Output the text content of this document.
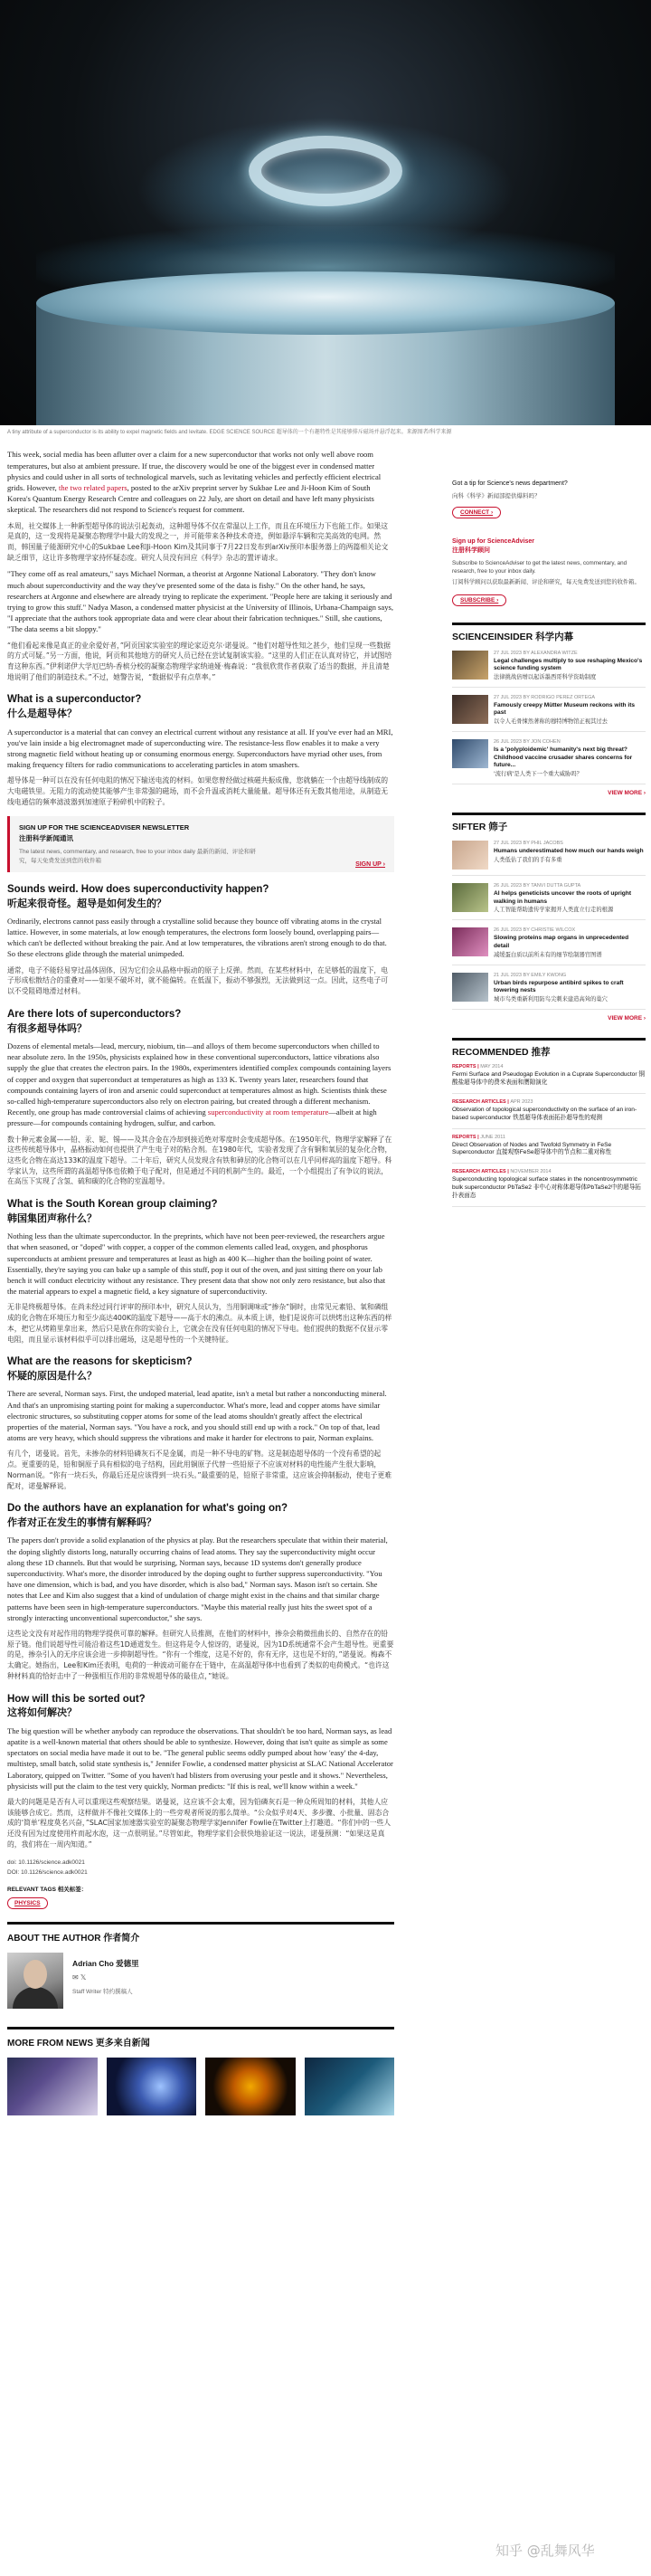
A tiny attribute of a superconductor is its ability to expel magnetic fields and levitate. EDGE SCIENCE SOURCE 超导体的一个有趣特性是其能够排斥磁场并悬浮起来。来源图者/科学来源

This week, social media has been aflutter over a claim for a new superconductor that works not only well above room temperatures, but also at ambient pressure. If true, the discovery would be one of the biggest ever in condensed matter physics and could usher in all sorts of technological marvels, such as levitating vehicles and perfectly efficient electrical grids. However, the two related papers, posted to the arXiv preprint server by Sukbae Lee and Ji-Hoon Kim of South Korea's Quantum Energy Research Centre and colleagues on 22 July, are short on detail and have left many physicists skeptical. The researchers did not respond to Science's request for comment.

本周，社交媒体上一种新型超导体的说法引起轰动，这种超导体不仅在常温以上工作，而且在环境压力下也能工作。如果这是真的，这一发现将是凝聚态物理学中最大的发现之一，并可能带来各种技术奇迹，例如悬浮车辆和完美高效的电网。然而，韩国量子能源研究中心的Sukbae Lee和Ji-Hoon Kim及其同事于7月22日发布到arXiv预印本服务器上的两篇相关论文缺乏细节，这让许多物理学家持怀疑态度。研究人员没有回应《科学》杂志的置评请求。

"They come off as real amateurs," says Michael Norman, a theorist at Argonne National Laboratory. "They don't know much about superconductivity and the way they've presented some of the data is fishy." On the other hand, he says, researchers at Argonne and elsewhere are already trying to replicate the experiment. "People here are taking it seriously and trying to grow this stuff." Nadya Mason, a condensed matter physicist at the University of Illinois, Urbana-Champaign says, "I appreciate that the authors took appropriate data and were clear about their fabrication techniques." Still, she cautions, "The data seems a bit sloppy."

“他们看起来像是真正的业余爱好者，”阿贡国家实验室的理论家迈克尔·诺曼说。“他们对超导性知之甚少，他们呈现一些数据的方式可疑。”另一方面，他说，阿贡和其他地方的研究人员已经在尝试复制该实验。“这里的人们正在认真对待它，并试图培育这种东西。”伊利诺伊大学厄巴纳-香槟分校的凝聚态物理学家纳迪娅·梅森说：“我很欣赏作者获取了适当的数据，并且清楚地说明了他们的制造技术。”不过，她警告说，“数据似乎有点草率。”

What is a superconductor?
什么是超导体？

A superconductor is a material that can convey an electrical current without any resistance at all. If you've ever had an MRI, you've lain inside a big electromagnet made of superconducting wire. The resistance-less flow enables it to make a very strong magnetic field without heating up or consuming enormous energy. Superconductors have myriad other uses, from making frequency filters for radio communications to accelerating particles in atom smashers.

超导体是一种可以在没有任何电阻的情况下输送电流的材料。如果您曾经做过核磁共振成像，您就躺在一个由超导线制成的大电磁铁里。无阻力的流动使其能够产生非常强的磁场，而不会升温或消耗大量能量。超导体还有无数其他用途，从制造无线电通信的频率滤波器到加速原子粉碎机中的粒子。

SIGN UP FOR THE SCIENCEADVISER NEWSLETTER
注册科学新闻通讯
The latest news, commentary, and research, free to your inbox daily 最新的新闻、评论和研究，每天免费发送到您的收件箱
SIGN UP ›
Sounds weird. How does superconductivity happen?
听起来很奇怪。超导是如何发生的？

Ordinarily, electrons cannot pass easily through a crystalline solid because they bounce off vibrating atoms in the crystal lattice. However, in some materials, at low enough temperatures, the electrons form loosely bound, overlapping pairs—which can't be deflected without breaking the pair. And at low temperatures, the vibrations aren't strong enough to do that. So these electrons glide through the material unimpeded.

通常，电子不能轻易穿过晶体固体，因为它们会从晶格中振动的原子上反弹。然而，在某些材料中，在足够低的温度下，电子形成松散结合的重叠对——如果不破坏对，就不能偏转。在低温下，振动不够强烈，无法做到这一点。因此，这些电子可以不受阻碍地滑过材料。

Are there lots of superconductors?
有很多超导体吗？

Dozens of elemental metals—lead, mercury, niobium, tin—and alloys of them become superconductors when chilled to near absolute zero. In the 1950s, physicists explained how in these conventional superconductors, lattice vibrations also supply the glue that creates the electron pairs. In the 1980s, experimenters identified complex compounds containing layers of copper and oxygen that superconduct at temperatures as high as 133 K. Twenty years later, researchers found that compounds containing layers of iron and arsenic could superconduct at temperatures almost as high. Scientists think these so-called high-temperature superconductors also rely on electron pairing, but created through a different mechanism. Recently, one group has made controversial claims of achieving superconductivity at room temperature—albeit at high pressure—for compounds containing hydrogen, sulfur, and carbon.

数十种元素金属——铅、汞、铌、锡——及其合金在冷却到接近绝对零度时会变成超导体。在1950年代，物理学家解释了在这些传统超导体中，晶格振动如何也提供了产生电子对的粘合剂。在1980年代，实验者发现了含有铜和氧层的复杂化合物，这些化合物在高达133K的温度下超导。二十年后，研究人员发现含有铁和砷层的化合物可以在几乎同样高的温度下超导。科学家认为，这些所谓的高温超导体也依赖于电子配对，但是通过不同的机制产生的。最近，一个小组提出了有争议的说法，在高压下实现了含氢、硫和碳的化合物的室温超导。

What is the South Korean group claiming?
韩国集团声称什么？

Nothing less than the ultimate superconductor. In the preprints, which have not been peer-reviewed, the researchers argue that when seasoned, or "doped" with copper, a copper of the common elements called lead, oxygen, and phosphorus superconducts at ambient pressure and temperatures at least as high as 400 K—higher than the boiling point of water. Essentially, they're saying you can bake up a sample of this stuff, pop it out of the oven, and just sitting there on your lab bench it will conduct electricity without any resistance. They present data that show not only zero resistance, but also that the material appears to expel a magnetic field, a key signature of superconductivity.

无非是终极超导体。在尚未经过同行评审的预印本中，研究人员认为，当用铜调味或“掺杂”铜时，由常见元素铅、氧和磷组成的化合物在环境压力和至少高达400K的温度下超导——高于水的沸点。从本质上讲，他们是说你可以烘烤出这种东西的样本，把它从烤箱里拿出来，然后只是放在你的实验台上，它就会在没有任何电阻的情况下导电。他们提供的数据不仅显示零电阻，而且显示该材料似乎可以排出磁场，这是超导性的一个关键特征。

What are the reasons for skepticism?
怀疑的原因是什么？

There are several, Norman says. First, the undoped material, lead apatite, isn't a metal but rather a nonconducting mineral. And that's an unpromising starting point for making a superconductor. What's more, lead and copper atoms have similar electronic structures, so substituting copper atoms for some of the lead atoms shouldn't greatly affect the electrical properties of the material, Norman says. "You have a rock, and you should still end up with a rock." On top of that, lead atoms are very heavy, which should suppress the vibrations and make it harder for electrons to pair, Norman explains.

有几个，诺曼说。首先，未掺杂的材料铅磷灰石不是金属，而是一种不导电的矿物。这是制造超导体的一个没有希望的起点。更重要的是，铅和铜原子具有相似的电子结构，因此用铜原子代替一些铅原子不应该对材料的电性能产生很大影响，Norman说。“你有一块石头，你最后还是应该得到一块石头。”最重要的是，铅原子非常重，这应该会抑制振动，使电子更难配对，诺曼解释说。

Do the authors have an explanation for what's going on?
作者对正在发生的事情有解释吗？

The papers don't provide a solid explanation of the physics at play. But the researchers speculate that within their material, the doping slightly distorts long, naturally occurring chains of lead atoms. They say the superconductivity might occur along these 1D channels. But that would be surprising, Norman says, because 1D systems don't generally produce superconductivity. What's more, the disorder introduced by the doping ought to further suppress superconductivity. "You have one dimension, which is bad, and you have disorder, which is also bad," Norman says. Mason isn't so certain. She notes that Lee and Kim also suggest that a kind of undulation of charge might exist in the chains and that similar charge patterns have been seen in high-temperature superconductors. "Maybe this material really just hits the sweet spot of a strongly interacting unconventional superconductor," she says.

这些论文没有对起作用的物理学提供可靠的解释。但研究人员推测，在他们的材料中，掺杂会稍微扭曲长的、自然存在的铅原子链。他们说超导性可能沿着这些1D通道发生。但这将是令人惊讶的，诺曼说，因为1D系统通常不会产生超导性。更重要的是，掺杂引入的无序应该会进一步抑制超导性。“你有一个维度，这是不好的，你有无序，这也是不好的，”诺曼说。梅森不太确定。她指出，Lee和Kim还表明，电荷的一种波动可能存在于链中，在高温超导体中也看到了类似的电荷模式。“也许这种材料真的恰好击中了一种强相互作用的非常规超导体的最佳点，”她说。

How will this be sorted out?
这将如何解决？

The big question will be whether anybody can reproduce the observations. That shouldn't be too hard, Norman says, as lead apatite is a well-known material that others should be able to synthesize. However, doing that isn't quite as simple as some spectators on social media have made it out to be. "The general public seems oddly pumped about how 'easy' the 4-day, multistep, small batch, solid state synthesis is," Jennifer Fowlie, a condensed matter physicist at SLAC National Accelerator Laboratory, quipped on Twitter. "Some of you haven't had blisters from overusing your pestle and it shows." Nevertheless, physicists will put the claim to the test very quickly, Norman predicts: "If this is real, we'll know within a week."

最大的问题是是否有人可以重现这些观察结果。诺曼说，这应该不会太难，因为铅磷灰石是一种众所周知的材料，其他人应该能够合成它。然而，这样做并不像社交媒体上的一些旁观者所说的那么简单。“公众似乎对4天、多步骤、小批量、固态合成的‘简单’程度莫名兴奋，”SLAC国家加速器实验室的凝聚态物理学家Jennifer Fowlie在Twitter上打趣道。“你们中的一些人还没有因为过度使用杵而起水泡，这一点很明显。”尽管如此，物理学家们会很快地验证这一说法，诺曼预测：“如果这是真的，我们将在一周内知道。”

doi: 10.1126/science.adk0021
DOI: 10.1126/science.adk0021
RELEVANT TAGS 相关标签：
PHYSICS
ABOUT THE AUTHOR 作者简介
Adrian Cho 爱德里
✉ 𝕏
Staff Writer 特约撰稿人
MORE FROM NEWS 更多来自新闻
Got a tip for Science's news department?
向科《科学》新闻部提供爆料吗？
CONNECT ›
Sign up for ScienceAdviser
注册科学顾问
Subscribe to ScienceAdviser to get the latest news, commentary, and research, free to your inbox daily.
订阅科学顾问以获取最新新闻、评论和研究，每天免费发送到您的收件箱。
SUBSCRIBE ›
SCIENCEINSIDER 科学内幕
27 JUL 2023 BY ALEXANDRA WITZE
Legal challenges multiply to sue reshaping Mexico's science funding system
法律挑战倍增以起诉墨西哥科学资助制度
27 JUL 2023 BY RODRIGO PEREZ ORTEGA
Famously creepy Mütter Museum reckons with its past
以令人毛骨悚然著称的穆特博物馆正视其过去
26 JUL 2023 BY JON COHEN
Is a 'polyploidemic' humanity's next big threat? Childhood vaccine crusader shares concerns for future...
'流行病'是人类下一个重大威胁吗？
VIEW MORE ›
SIFTER 筛子
27 JUL 2023 BY PHIL JACOBS
Humans underestimated how much our hands weigh
人类低估了我们的手有多重
26 JUL 2023 BY TANVI DUTTA GUPTA
AI helps geneticists uncover the roots of upright walking in humans
人工智能帮助遗传学家揭开人类直立行走的根源
26 JUL 2023 BY CHRISTIE WILCOX
Slowing proteins map organs in unprecedented detail
减缓蛋白质以前所未有的细节绘制器官图谱
21 JUL 2023 BY EMILY KWONG
Urban birds repurpose antibird spikes to craft towering nests
城市鸟类重新利用防鸟尖刺来建造高耸的巢穴
VIEW MORE ›
RECOMMENDED 推荐
REPORTS | MAY 2014
Fermi Surface and Pseudogap Evolution in a Cuprate Superconductor 铜酸盐超导体中的费米表面和赝隙演化
RESEARCH ARTICLES | APR 2023
Observation of topological superconductivity on the surface of an iron-based superconductor 铁基超导体表面拓扑超导性的观测
REPORTS | JUNE 2011
Direct Observation of Nodes and Twofold Symmetry in FeSe Superconductor 直接观察FeSe超导体中的节点和二重对称性
RESEARCH ARTICLES | NOVEMBER 2014
Superconducting topological surface states in the noncentrosymmetric bulk superconductor PbTaSe2 非中心对称体超导体PbTaSe2中的超导拓扑表面态
知乎 @乱舞风华
